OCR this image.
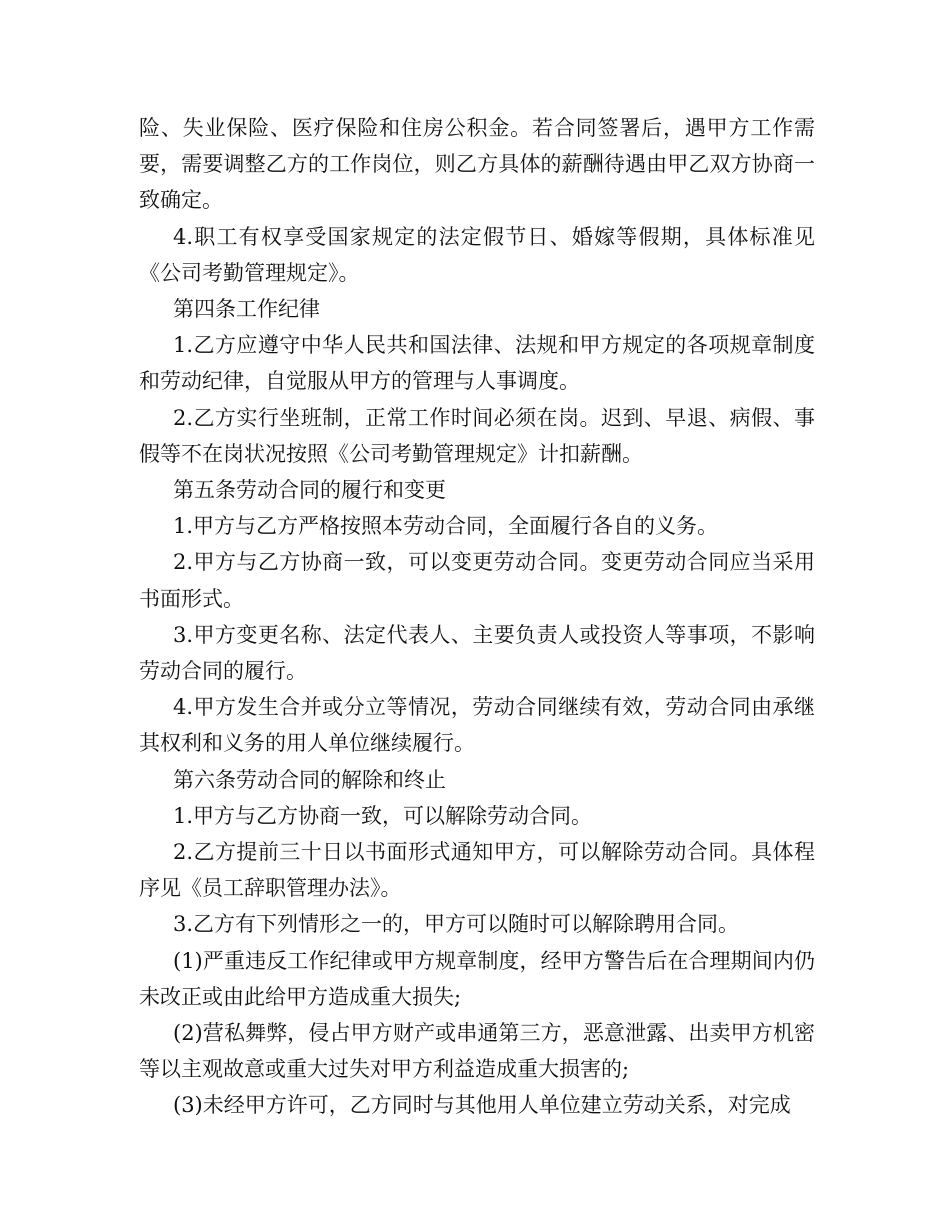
险、失业保险、医疗保险和住房公积金。若合同签署后，遇甲方工作需要，需要调整乙方的工作岗位，则乙方具体的薪酬待遇由甲乙双方协商一致确定。

4.职工有权享受国家规定的法定假节日、婚嫁等假期，具体标准见《公司考勤管理规定》。

第四条工作纪律

1.乙方应遵守中华人民共和国法律、法规和甲方规定的各项规章制度和劳动纪律，自觉服从甲方的管理与人事调度。

2.乙方实行坐班制，正常工作时间必须在岗。迟到、早退、病假、事假等不在岗状况按照《公司考勤管理规定》计扣薪酬。

第五条劳动合同的履行和变更

1.甲方与乙方严格按照本劳动合同，全面履行各自的义务。

2.甲方与乙方协商一致，可以变更劳动合同。变更劳动合同应当采用书面形式。

3.甲方变更名称、法定代表人、主要负责人或投资人等事项，不影响劳动合同的履行。

4.甲方发生合并或分立等情况，劳动合同继续有效，劳动合同由承继其权利和义务的用人单位继续履行。

第六条劳动合同的解除和终止

1.甲方与乙方协商一致，可以解除劳动合同。

2.乙方提前三十日以书面形式通知甲方，可以解除劳动合同。具体程序见《员工辞职管理办法》。

3.乙方有下列情形之一的，甲方可以随时可以解除聘用合同。

(1)严重违反工作纪律或甲方规章制度，经甲方警告后在合理期间内仍未改正或由此给甲方造成重大损失;

(2)营私舞弊，侵占甲方财产或串通第三方，恶意泄露、出卖甲方机密等以主观故意或重大过失对甲方利益造成重大损害的;

(3)未经甲方许可，乙方同时与其他用人单位建立劳动关系，对完成
